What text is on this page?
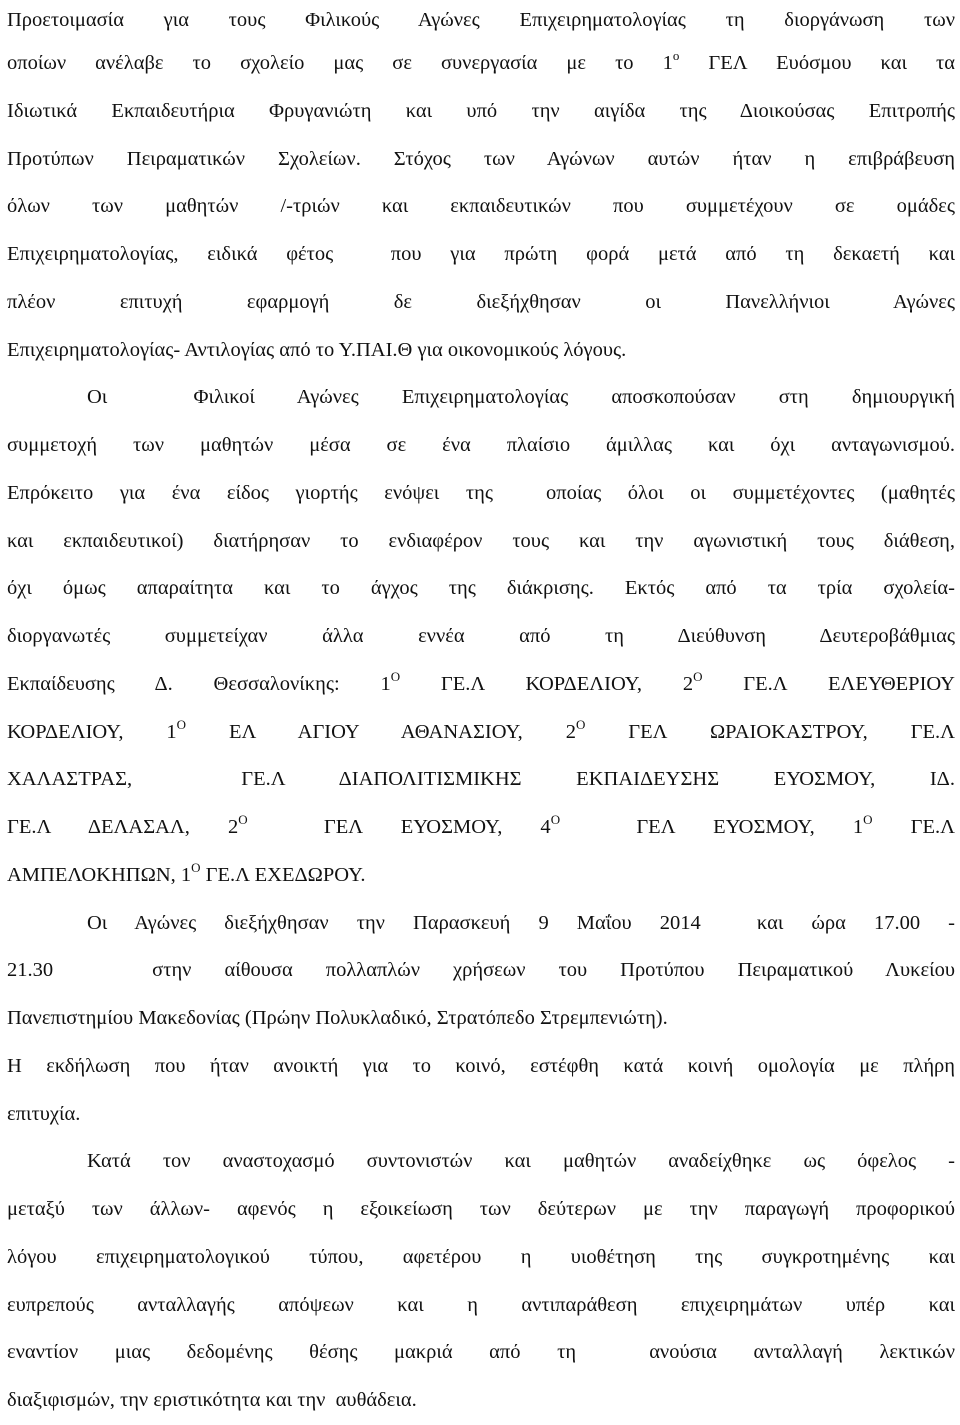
Προετοιμασία για τους Φιλικούς Αγώνες Επιχειρηματολογίας τη διοργάνωση των
οποίων ανέλαβε το σχολείο μας σε συνεργασία με το $1^o$ ΓΕΛ Ευόσμου και τα
Ιδιωτικά Εκπαιδευτήρια Φρυγανιώτη και υπό την αιγίδα της Διοικούσας Επιτροπής
Προτύπων Πειραματικών Σχολείων. Στόχος των Αγώνων αυτών ήταν η επιβράβευση
όλων των μαθητών /-τριών και εκπαιδευτικών που συμμετέχουν σε ομάδες
Επιχειρηματολογίας, ειδικά φέτος  που για πρώτη φορά μετά από τη δεκαετή και
πλέον επιτυχή εφαρμογή δε διεξήχθησαν οι Πανελλήνιοι Αγώνες
Επιχειρηματολογίας- Αντιλογίας από το Υ.ΠΑΙ.Θ για οικονομικούς λόγους.
Οι  Φιλικοί Αγώνες Επιχειρηματολογίας αποσκοπούσαν στη δημιουργική
συμμετοχή των μαθητών μέσα σε ένα πλαίσιο άμιλλας και όχι ανταγωνισμού.
Επρόκειτο για ένα είδος γιορτής ενόψει της  οποίας όλοι οι συμμετέχοντες (μαθητές
και εκπαιδευτικοί) διατήρησαν το ενδιαφέρον τους και την αγωνιστική τους διάθεση,
όχι όμως απαραίτητα και το άγχος της διάκρισης. Εκτός από τα τρία σχολεία-
διοργανωτές συμμετείχαν άλλα εννέα από τη Διεύθυνση Δευτεροβάθμιας
Εκπαίδευσης Δ. Θεσσαλονίκης: $1^O$ ΓΕ.Λ ΚΟΡΔΕΛΙΟΥ, $2^O$ ΓΕ.Λ ΕΛΕΥΘΕΡΙΟΥ
ΚΟΡΔΕΛΙΟΥ, $1^O$ ΕΛ ΑΓΙΟΥ ΑΘΑΝΑΣΙΟΥ, $2^O$ ΓΕΛ ΩΡΑΙΟΚΑΣΤΡΟΥ, ΓΕ.Λ
ΧΑΛΑΣΤΡΑΣ,  ΓΕ.Λ ΔΙΑΠΟΛΙΤΙΣΜΙΚΗΣ ΕΚΠΑΙΔΕΥΣΗΣ ΕΥΟΣΜΟΥ, ΙΔ.
ΓΕ.Λ ΔΕΛΑΣΑΛ, $2^O$  ΓΕΛ ΕΥΟΣΜΟΥ, $4^O$  ΓΕΛ ΕΥΟΣΜΟΥ, $1^O$ ΓΕ.Λ
ΑΜΠΕΛΟΚΗΠΩΝ, $1^O$ ΓΕ.Λ ΕΧΕΔΩΡΟΥ.
Οι Αγώνες διεξήχθησαν την Παρασκευή 9 Μαΐου 2014  και ώρα 17.00 -
21.30   στην αίθουσα πολλαπλών χρήσεων του Προτύπου Πειραματικού Λυκείου
Πανεπιστημίου Μακεδονίας (Πρώην Πολυκλαδικό, Στρατόπεδο Στρεμπενιώτη).
Η εκδήλωση που ήταν ανοικτή για το κοινό, εστέφθη κατά κοινή ομολογία με πλήρη
επιτυχία.
Κατά τον αναστοχασμό συντονιστών και μαθητών αναδείχθηκε ως όφελος -
μεταξύ των άλλων- αφενός η εξοικείωση των δεύτερων με την παραγωγή προφορικού
λόγου επιχειρηματολογικού τύπου, αφετέρου η υιοθέτηση της συγκροτημένης και
ευπρεπούς ανταλλαγής απόψεων και η αντιπαράθεση επιχειρημάτων υπέρ και
εναντίον μιας δεδομένης θέσης μακριά από τη  ανούσια ανταλλαγή λεκτικών
διαξιφισμών, την εριστικότητα και την  αυθάδεια.
